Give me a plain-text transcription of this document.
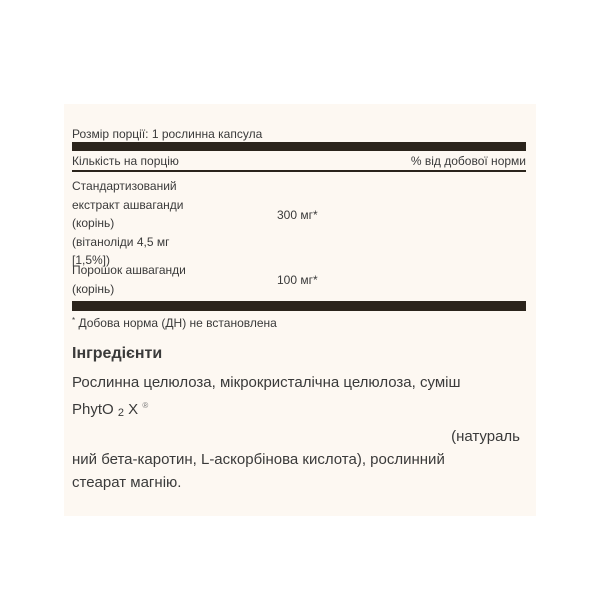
Розмір порції: 1 рослинна капсула
Кількість на порцію	% від добової норми
Стандартизований
екстракт ашваганди
(корінь)
(вітаноліди 4,5 мг
[1,5%])
300 мг*
Порошок ашваганди
(корінь)
100 мг*
* Добова норма (ДН) не встановлена
Інгредієнти
Рослинна целюлоза, мікрокристалічна целюлоза, суміш
PhytO 2 X ®
(натураль
ний бета-каротин, L-аскорбінова кислота), рослинний
стеарат магнію.
